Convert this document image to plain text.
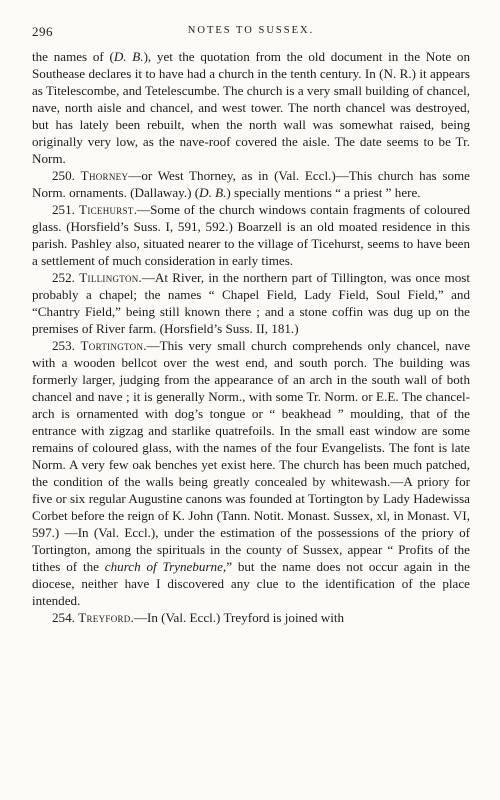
296	NOTES TO SUSSEX.

the names of (D. B.), yet the quotation from the old document in the Note on Southease declares it to have had a church in the tenth century. In (N. R.) it appears as Titelescombe, and Tetelescumbe. The church is a very small building of chancel, nave, north aisle and chancel, and west tower. The north chancel was destroyed, but has lately been rebuilt, when the north wall was somewhat raised, being originally very low, as the nave-roof covered the aisle. The date seems to be Tr. Norm.

250. Thorney—or West Thorney, as in (Val. Eccl.)—This church has some Norm. ornaments. (Dallaway.) (D. B.) specially mentions “ a priest ” here.

251. Ticehurst.—Some of the church windows contain fragments of coloured glass. (Horsfield’s Suss. I, 591, 592.) Boarzell is an old moated residence in this parish. Pashley also, situated nearer to the village of Ticehurst, seems to have been a settlement of much consideration in early times.

252. Tillington.—At River, in the northern part of Tillington, was once most probably a chapel; the names “ Chapel Field, Lady Field, Soul Field,” and “Chantry Field,” being still known there ; and a stone coffin was dug up on the premises of River farm. (Horsfield’s Suss. II, 181.)

253. Tortington.—This very small church comprehends only chancel, nave with a wooden bellcot over the west end, and south porch. The building was formerly larger, judging from the appearance of an arch in the south wall of both chancel and nave ; it is generally Norm., with some Tr. Norm. or E.E. The chancel-arch is ornamented with dog’s tongue or “ beakhead ” moulding, that of the entrance with zigzag and starlike quatrefoils. In the small east window are some remains of coloured glass, with the names of the four Evangelists. The font is late Norm. A very few oak benches yet exist here. The church has been much patched, the condition of the walls being greatly concealed by whitewash.—A priory for five or six regular Augustine canons was founded at Tortington by Lady Hadewissa Corbet before the reign of K. John (Tann. Notit. Monast. Sussex, xl, in Monast. VI, 597.) —In (Val. Eccl.), under the estimation of the possessions of the priory of Tortington, among the spirituals in the county of Sussex, appear “ Profits of the tithes of the church of Tryneburne,” but the name does not occur again in the diocese, neither have I discovered any clue to the identification of the place intended.

254. Treyford.—In (Val. Eccl.) Treyford is joined with
